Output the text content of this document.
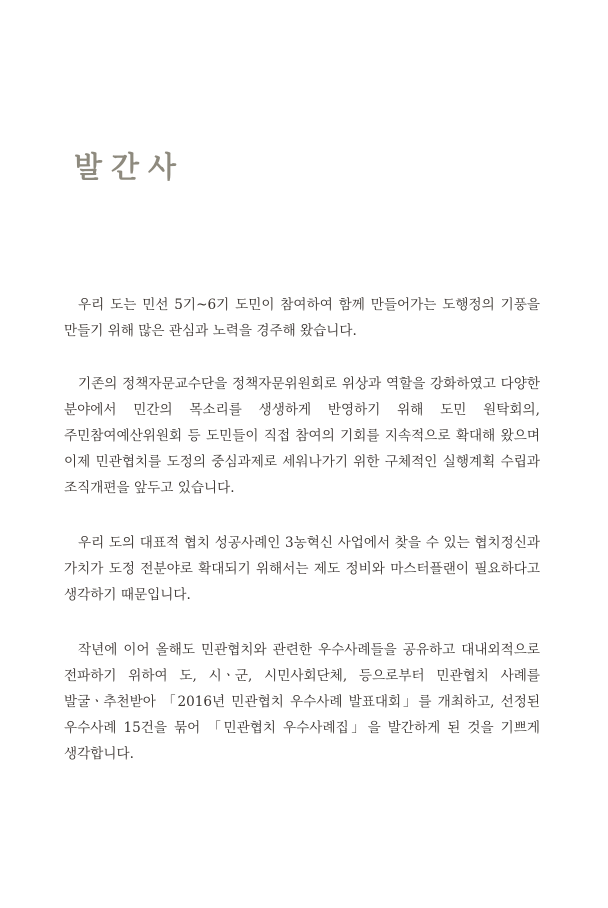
발간사

우리 도는 민선 5기~6기 도민이 참여하여 함께 만들어가는 도행정의 기풍을 만들기 위해 많은 관심과 노력을 경주해 왔습니다.

기존의 정책자문교수단을 정책자문위원회로 위상과 역할을 강화하였고 다양한 분야에서 민간의 목소리를 생생하게 반영하기 위해 도민 원탁회의, 주민참여예산위원회 등 도민들이 직접 참여의 기회를 지속적으로 확대해 왔으며 이제 민관협치를 도정의 중심과제로 세워나가기 위한 구체적인 실행계획 수립과 조직개편을 앞두고 있습니다.

우리 도의 대표적 협치 성공사례인 3농혁신 사업에서 찾을 수 있는 협치정신과 가치가 도정 전분야로 확대되기 위해서는 제도 정비와 마스터플랜이 필요하다고 생각하기 때문입니다.

작년에 이어 올해도 민관협치와 관련한 우수사례들을 공유하고 대내외적으로 전파하기 위하여 도, 시ㆍ군, 시민사회단체, 등으로부터 민관협치 사례를 발굴ㆍ추천받아 「2016년 민관협치 우수사례 발표대회」를 개최하고, 선정된 우수사례 15건을 묶어 「민관협치 우수사례집」을 발간하게 된 것을 기쁘게 생각합니다.
